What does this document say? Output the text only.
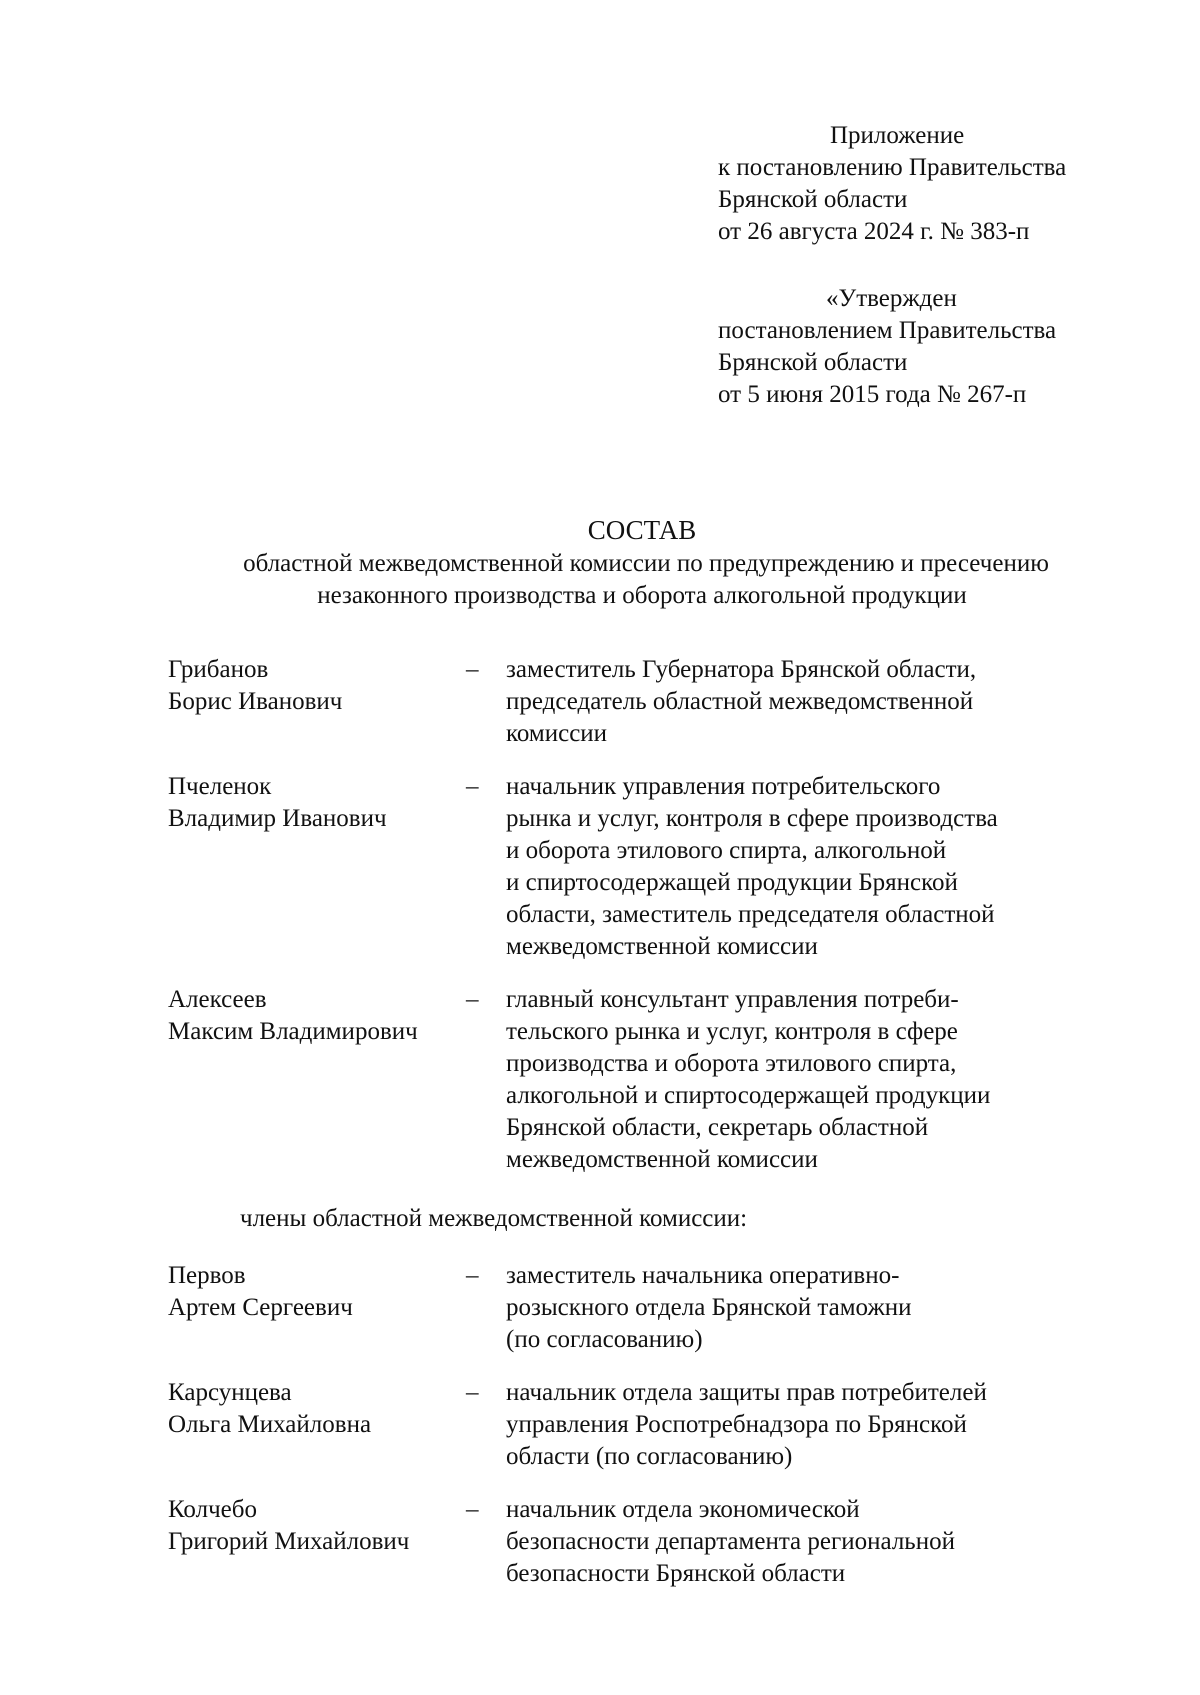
Приложение
к постановлению Правительства
Брянской области
от 26 августа 2024 г. № 383-п
«Утвержден
постановлением Правительства
Брянской области
от 5 июня 2015 года № 267-п
СОСТАВ
областной межведомственной комиссии по предупреждению и пресечению
незаконного производства и оборота алкогольной продукции
Грибанов
Борис Иванович
– заместитель Губернатора Брянской области,
председатель областной межведомственной
комиссии
Пчеленок
Владимир Иванович
– начальник управления потребительского
рынка и услуг, контроля в сфере производства
и оборота этилового спирта, алкогольной
и спиртосодержащей продукции Брянской
области, заместитель председателя областной
межведомственной комиссии
Алексеев
Максим Владимирович
– главный консультант управления потреби-
тельского рынка и услуг, контроля в сфере
производства и оборота этилового спирта,
алкогольной и спиртосодержащей продукции
Брянской области, секретарь областной
межведомственной комиссии
члены областной межведомственной комиссии:
Первов
Артем Сергеевич
– заместитель начальника оперативно-
розыскного отдела Брянской таможни
(по согласованию)
Карсунцева
Ольга Михайловна
– начальник отдела защиты прав потребителей
управления Роспотребнадзора по Брянской
области (по согласованию)
Колчебо
Григорий Михайлович
– начальник отдела экономической
безопасности департамента региональной
безопасности Брянской области
